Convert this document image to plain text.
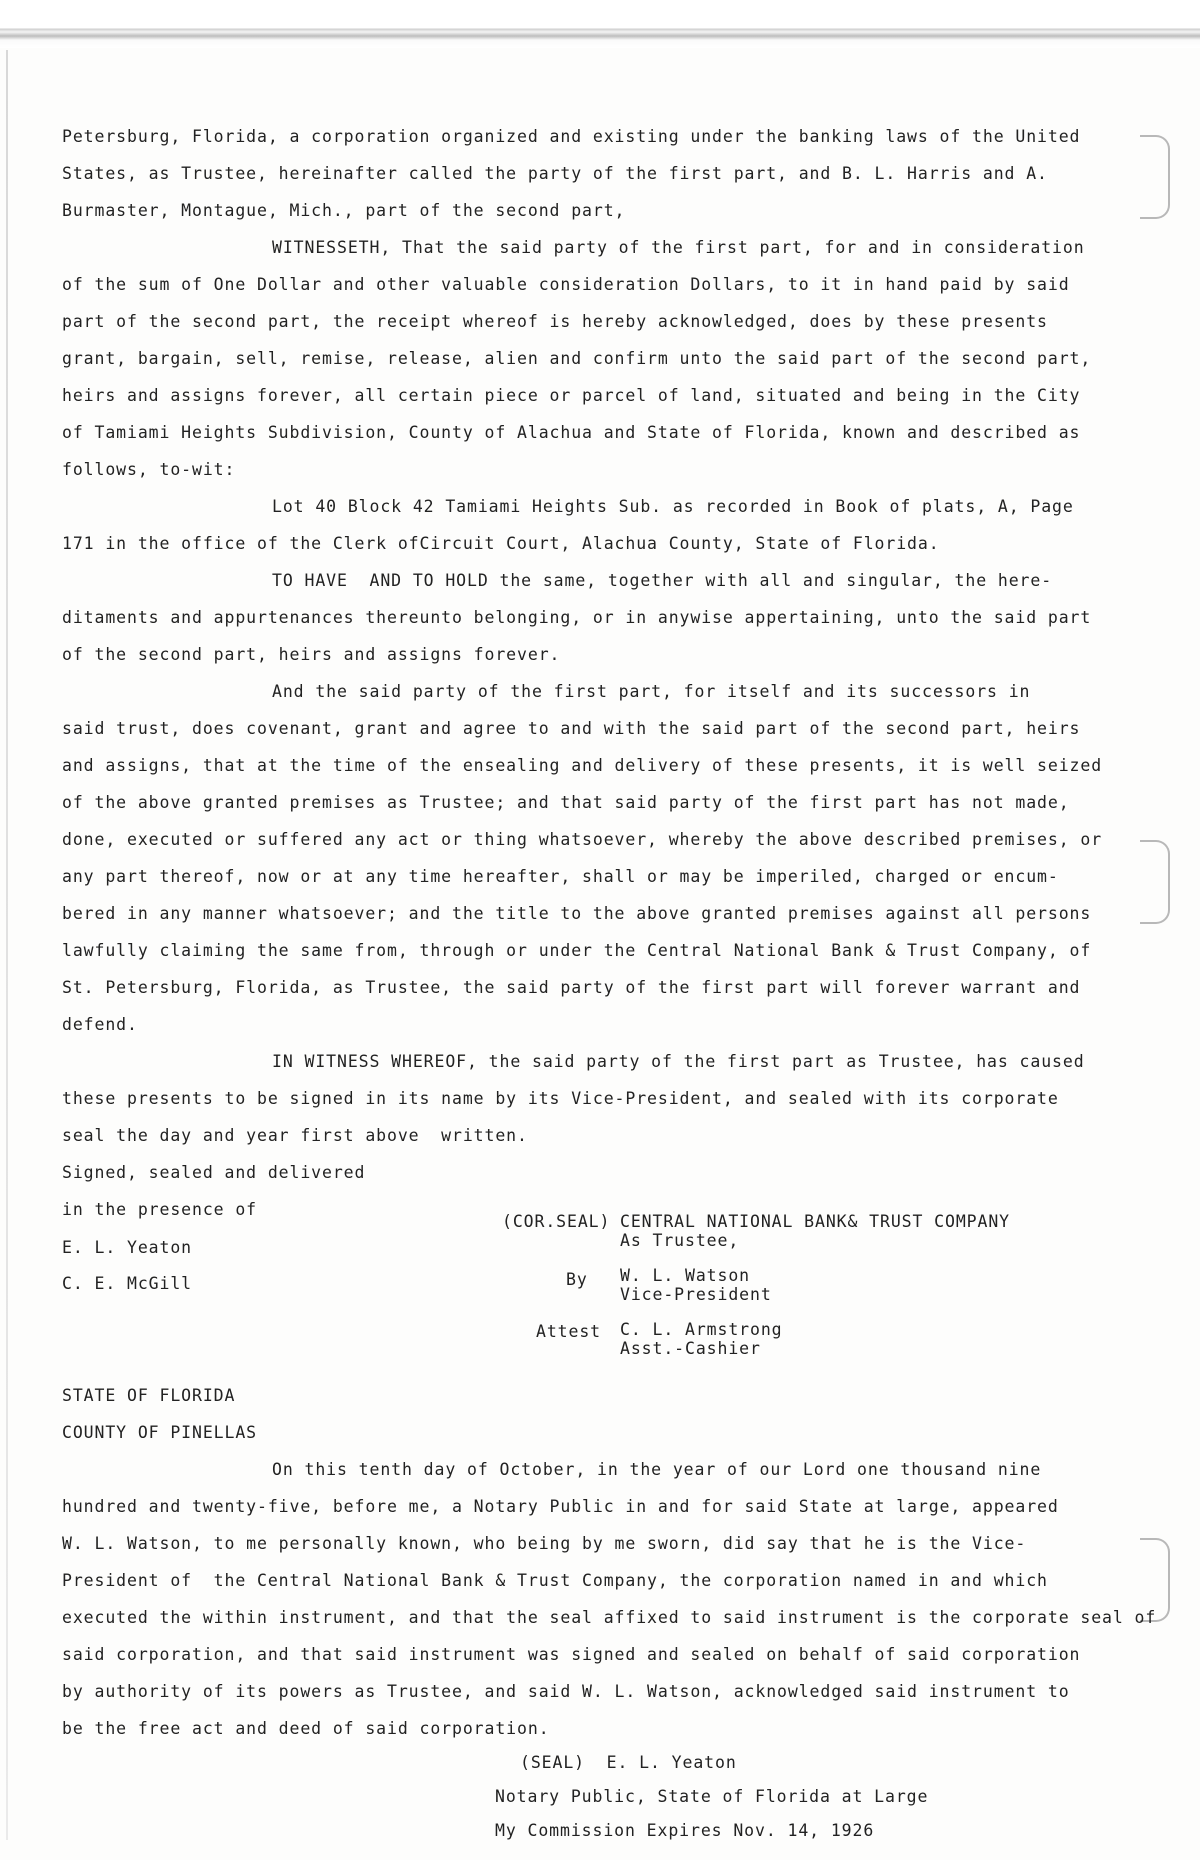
Petersburg, Florida, a corporation organized and existing under the banking laws of the United

States, as Trustee, hereinafter called the party of the first part, and B. L. Harris and A.

Burmaster, Montague, Mich., part of the second part,

WITNESSETH, That the said party of the first part, for and in consideration

of the sum of One Dollar and other valuable consideration Dollars, to it in hand paid by said

part of the second part, the receipt whereof is hereby acknowledged, does by these presents

grant, bargain, sell, remise, release, alien and confirm unto the said part of the second part,

heirs and assigns forever, all certain piece or parcel of land, situated and being in the City

of Tamiami Heights Subdivision, County of Alachua and State of Florida, known and described as

follows, to-wit:

Lot 40 Block 42 Tamiami Heights Sub. as recorded in Book of plats, A, Page

171 in the office of the Clerk ofCircuit Court, Alachua County, State of Florida.

TO HAVE  AND TO HOLD the same, together with all and singular, the here-

ditaments and appurtenances thereunto belonging, or in anywise appertaining, unto the said part

of the second part, heirs and assigns forever.

And the said party of the first part, for itself and its successors in

said trust, does covenant, grant and agree to and with the said part of the second part, heirs

and assigns, that at the time of the ensealing and delivery of these presents, it is well seized

of the above granted premises as Trustee; and that said party of the first part has not made,

done, executed or suffered any act or thing whatsoever, whereby the above described premises, or

any part thereof, now or at any time hereafter, shall or may be imperiled, charged or encum-

bered in any manner whatsoever; and the title to the above granted premises against all persons

lawfully claiming the same from, through or under the Central National Bank & Trust Company, of

St. Petersburg, Florida, as Trustee, the said party of the first part will forever warrant and

defend.

IN WITNESS WHEREOF, the said party of the first part as Trustee, has caused

these presents to be signed in its name by its Vice-President, and sealed with its corporate

seal the day and year first above  written.

Signed, sealed and delivered

in the presence of

E. L. Yeaton

C. E. McGill

(COR.SEAL) CENTRAL NATIONAL BANK& TRUST COMPANY

As Trustee,

By W. L. Watson

Vice-President

Attest C. L. Armstrong

Asst.-Cashier

STATE OF FLORIDA

COUNTY OF PINELLAS

On this tenth day of October, in the year of our Lord one thousand nine

hundred and twenty-five, before me, a Notary Public in and for said State at large, appeared

W. L. Watson, to me personally known, who being by me sworn, did say that he is the Vice-

President of  the Central National Bank & Trust Company, the corporation named in and which

executed the within instrument, and that the seal affixed to said instrument is the corporate seal of

said corporation, and that said instrument was signed and sealed on behalf of said corporation

by authority of its powers as Trustee, and said W. L. Watson, acknowledged said instrument to

be the free act and deed of said corporation.

(SEAL)  E. L. Yeaton

Notary Public, State of Florida at Large

My Commission Expires Nov. 14, 1926
